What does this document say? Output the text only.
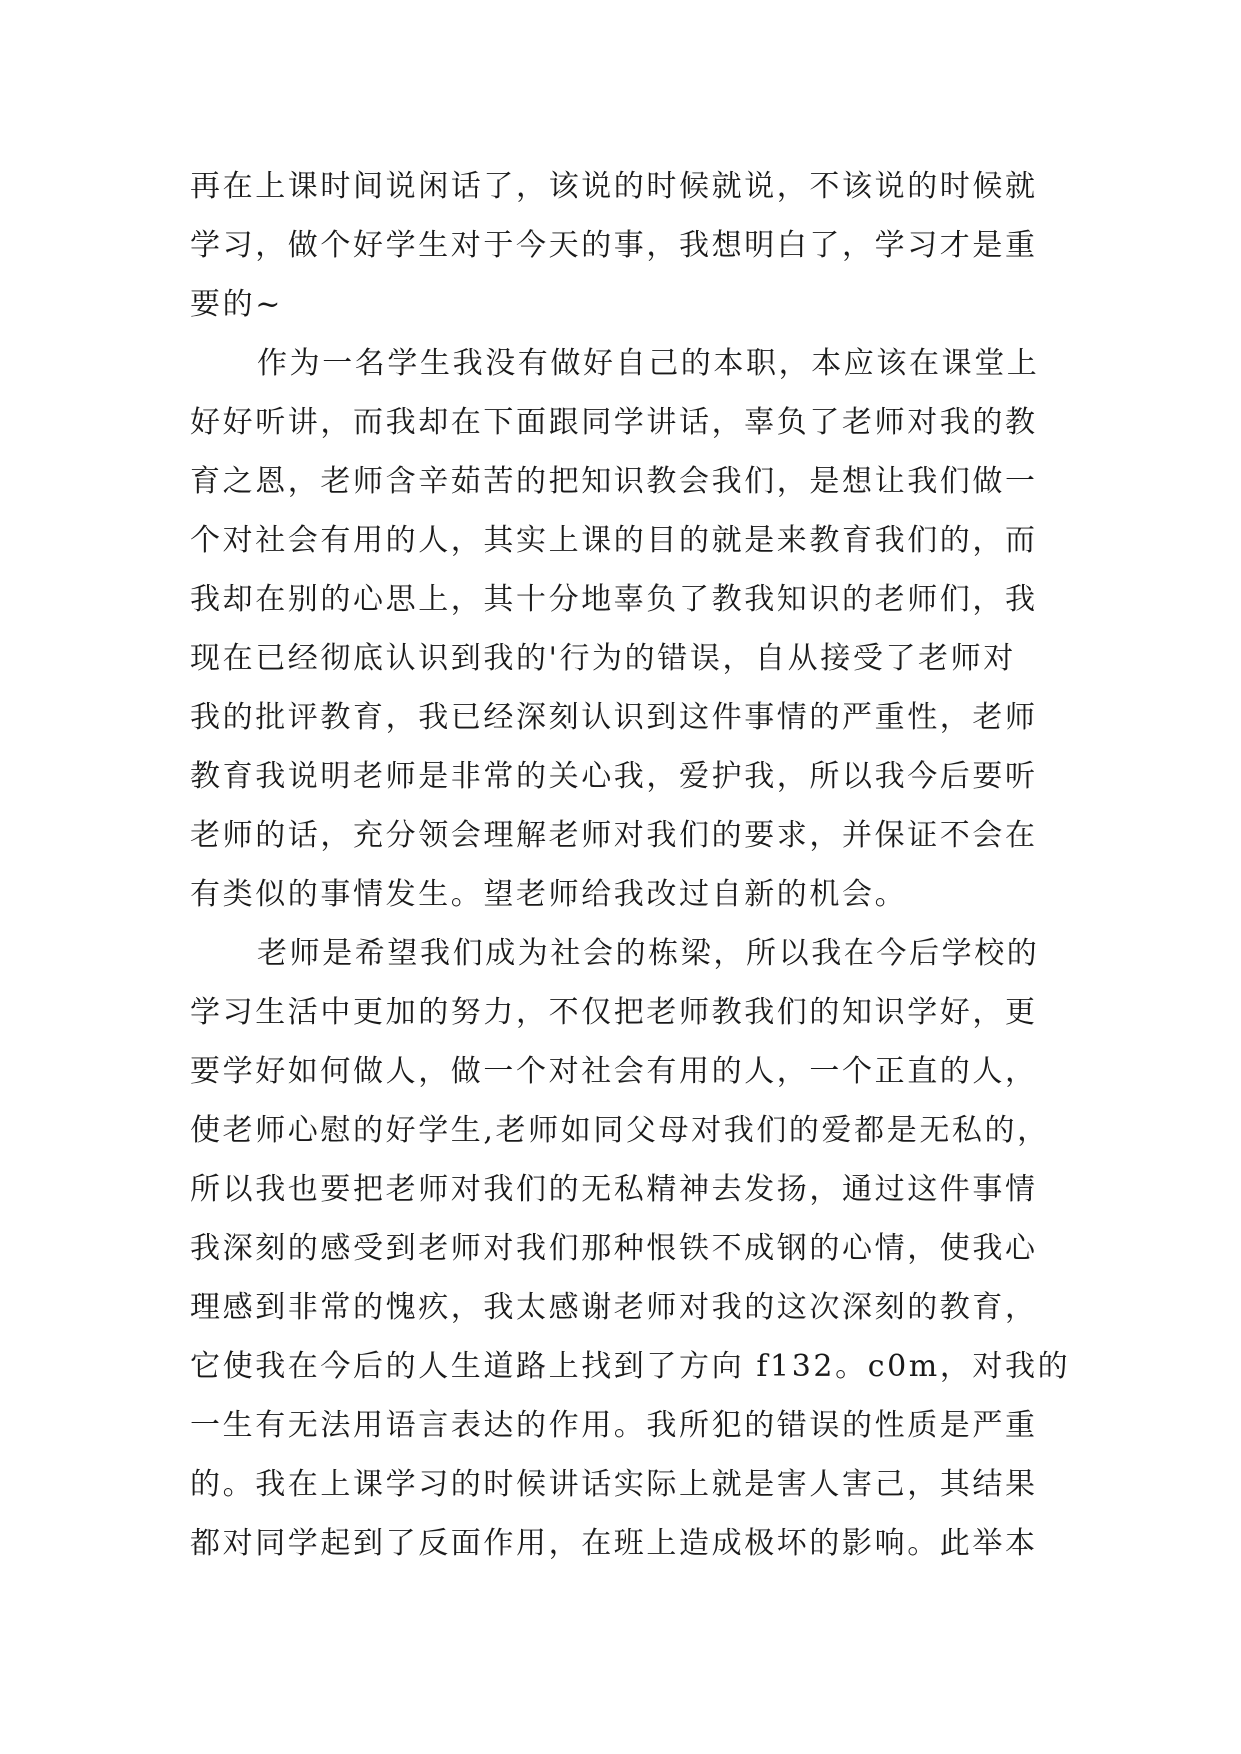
再在上课时间说闲话了，该说的时候就说，不该说的时候就
学习，做个好学生对于今天的事，我想明白了，学习才是重
要的~
作为一名学生我没有做好自己的本职，本应该在课堂上
好好听讲，而我却在下面跟同学讲话，辜负了老师对我的教
育之恩，老师含辛茹苦的把知识教会我们，是想让我们做一
个对社会有用的人，其实上课的目的就是来教育我们的，而
我却在别的心思上，其十分地辜负了教我知识的老师们，我
现在已经彻底认识到我的'行为的错误，自从接受了老师对
我的批评教育，我已经深刻认识到这件事情的严重性，老师
教育我说明老师是非常的关心我，爱护我，所以我今后要听
老师的话，充分领会理解老师对我们的要求，并保证不会在
有类似的事情发生。望老师给我改过自新的机会。
老师是希望我们成为社会的栋梁，所以我在今后学校的
学习生活中更加的努力，不仅把老师教我们的知识学好，更
要学好如何做人，做一个对社会有用的人，一个正直的人，
使老师心慰的好学生,老师如同父母对我们的爱都是无私的，
所以我也要把老师对我们的无私精神去发扬，通过这件事情
我深刻的感受到老师对我们那种恨铁不成钢的心情，使我心
理感到非常的愧疚，我太感谢老师对我的这次深刻的教育，
它使我在今后的人生道路上找到了方向 f132。c0m，对我的
一生有无法用语言表达的作用。我所犯的错误的性质是严重
的。我在上课学习的时候讲话实际上就是害人害己，其结果
都对同学起到了反面作用，在班上造成极坏的影响。此举本
